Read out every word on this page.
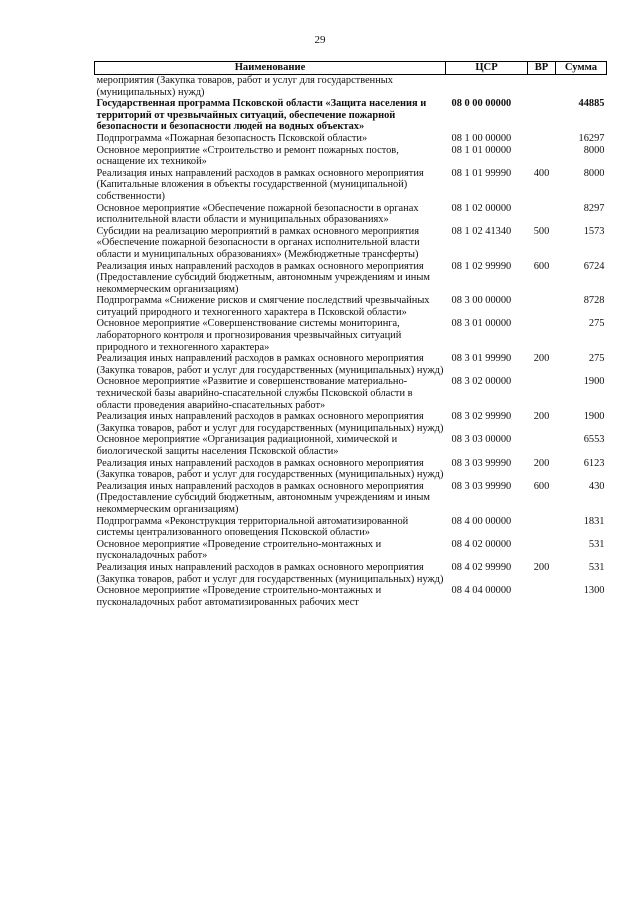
29
Наименование	ЦСР	ВР	Сумма
мероприятия (Закупка товаров, работ и услуг для государственных (муниципальных) нужд)			
Государственная программа Псковской области «Защита населения и территорий от чрезвычайных ситуаций, обеспечение пожарной безопасности и безопасности людей на водных объектах»	08 0 00 00000		44885
Подпрограмма «Пожарная безопасность Псковской области»	08 1 00 00000		16297
Основное мероприятие «Строительство и ремонт пожарных постов, оснащение их техникой»	08 1 01 00000		8000
Реализация иных направлений расходов в рамках основного мероприятия (Капитальные вложения в объекты государственной (муниципальной) собственности)	08 1 01 99990	400	8000
Основное мероприятие «Обеспечение пожарной безопасности в органах исполнительной власти области и муниципальных образованиях»	08 1 02 00000		8297
Субсидии на реализацию мероприятий в рамках основного мероприятия «Обеспечение пожарной безопасности в органах исполнительной власти области и муниципальных образованиях» (Межбюджетные трансферты)	08 1 02 41340	500	1573
Реализация иных направлений расходов в рамках основного мероприятия (Предоставление субсидий бюджетным, автономным учреждениям и иным некоммерческим организациям)	08 1 02 99990	600	6724
Подпрограмма «Снижение рисков и смягчение последствий чрезвычайных ситуаций природного и техногенного характера в Псковской области»	08 3 00 00000		8728
Основное мероприятие «Совершенствование системы мониторинга, лабораторного контроля и прогнозирования чрезвычайных ситуаций природного и техногенного характера»	08 3 01 00000		275
Реализация иных направлений расходов в рамках основного мероприятия (Закупка товаров, работ и услуг для государственных (муниципальных) нужд)	08 3 01 99990	200	275
Основное мероприятие «Развитие и совершенствование материально-технической базы аварийно-спасательной службы Псковской области в области проведения аварийно-спасательных работ»	08 3 02 00000		1900
Реализация иных направлений расходов в рамках основного мероприятия (Закупка товаров, работ и услуг для государственных (муниципальных) нужд)	08 3 02 99990	200	1900
Основное мероприятие «Организация радиационной, химической и биологической защиты населения Псковской области»	08 3 03 00000		6553
Реализация иных направлений расходов в рамках основного мероприятия (Закупка товаров, работ и услуг для государственных (муниципальных) нужд)	08 3 03 99990	200	6123
Реализация иных направлений расходов в рамках основного мероприятия (Предоставление субсидий бюджетным, автономным учреждениям и иным некоммерческим организациям)	08 3 03 99990	600	430
Подпрограмма «Реконструкция территориальной автоматизированной системы централизованного оповещения Псковской области»	08 4 00 00000		1831
Основное мероприятие «Проведение строительно-монтажных и пусконаладочных работ»	08 4 02 00000		531
Реализация иных направлений расходов в рамках основного мероприятия (Закупка товаров, работ и услуг для государственных (муниципальных) нужд)	08 4 02 99990	200	531
Основное мероприятие «Проведение строительно-монтажных и пусконаладочных работ автоматизированных рабочих мест	08 4 04 00000		1300
